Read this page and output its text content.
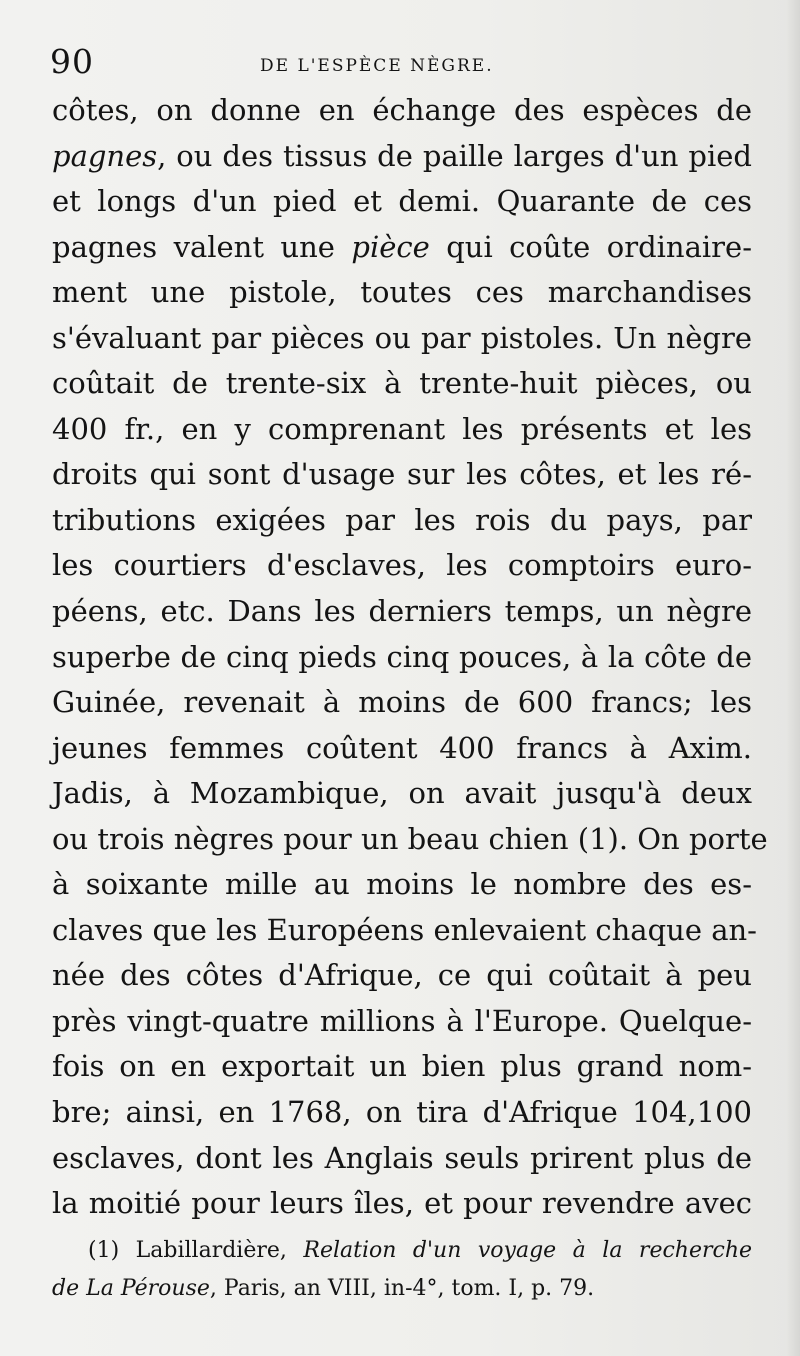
90	DE L'ESPÈCE NÈGRE.
côtes, on donne en échange des espèces de
pagnes, ou des tissus de paille larges d'un pied
et longs d'un pied et demi. Quarante de ces
pagnes valent une pièce qui coûte ordinaire-
ment une pistole, toutes ces marchandises
s'évaluant par pièces ou par pistoles. Un nègre
coûtait de trente-six à trente-huit pièces, ou
400 fr., en y comprenant les présents et les
droits qui sont d'usage sur les côtes, et les ré-
tributions exigées par les rois du pays, par
les courtiers d'esclaves, les comptoirs euro-
péens, etc. Dans les derniers temps, un nègre
superbe de cinq pieds cinq pouces, à la côte de
Guinée, revenait à moins de 600 francs; les
jeunes femmes coûtent 400 francs à Axim.
Jadis, à Mozambique, on avait jusqu'à deux
ou trois nègres pour un beau chien (1). On porte
à soixante mille au moins le nombre des es-
claves que les Européens enlevaient chaque an-
née des côtes d'Afrique, ce qui coûtait à peu
près vingt-quatre millions à l'Europe. Quelque-
fois on en exportait un bien plus grand nom-
bre; ainsi, en 1768, on tira d'Afrique 104,100
esclaves, dont les Anglais seuls prirent plus de
la moitié pour leurs îles, et pour revendre avec
(1) Labillardière, Relation d'un voyage à la recherche
de La Pérouse, Paris, an VIII, in-4°, tom. I, p. 79.
